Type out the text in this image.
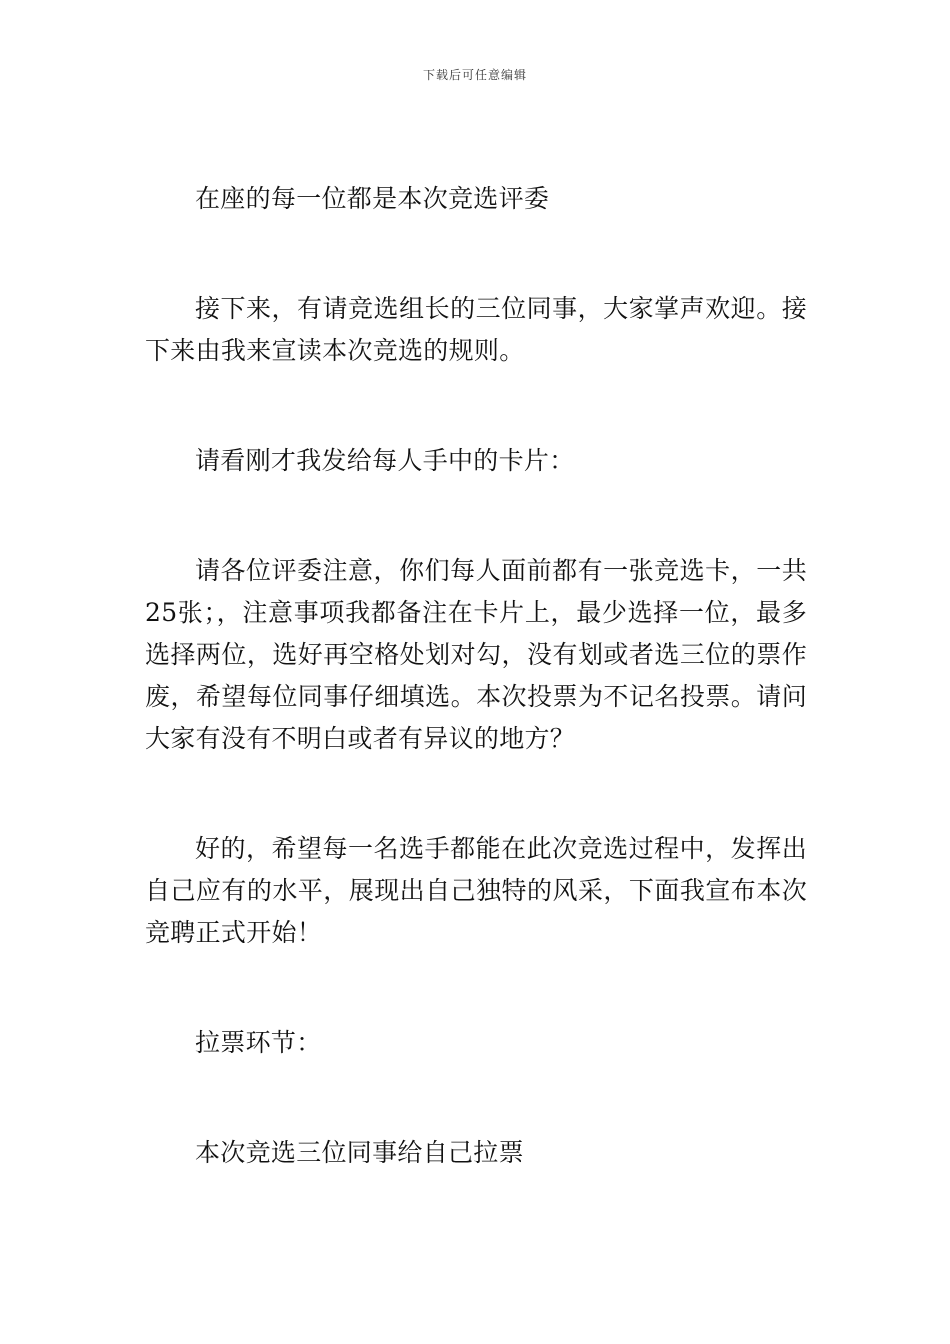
下载后可任意编辑

在座的每一位都是本次竞选评委

接下来，有请竞选组长的三位同事，大家掌声欢迎。接下来由我来宣读本次竞选的规则。

请看刚才我发给每人手中的卡片：

请各位评委注意，你们每人面前都有一张竞选卡，一共25张；，注意事项我都备注在卡片上，最少选择一位，最多选择两位，选好再空格处划对勾，没有划或者选三位的票作废，希望每位同事仔细填选。本次投票为不记名投票。请问大家有没有不明白或者有异议的地方？

好的，希望每一名选手都能在此次竞选过程中，发挥出自己应有的水平，展现出自己独特的风采，下面我宣布本次竞聘正式开始！

拉票环节：

本次竞选三位同事给自己拉票
